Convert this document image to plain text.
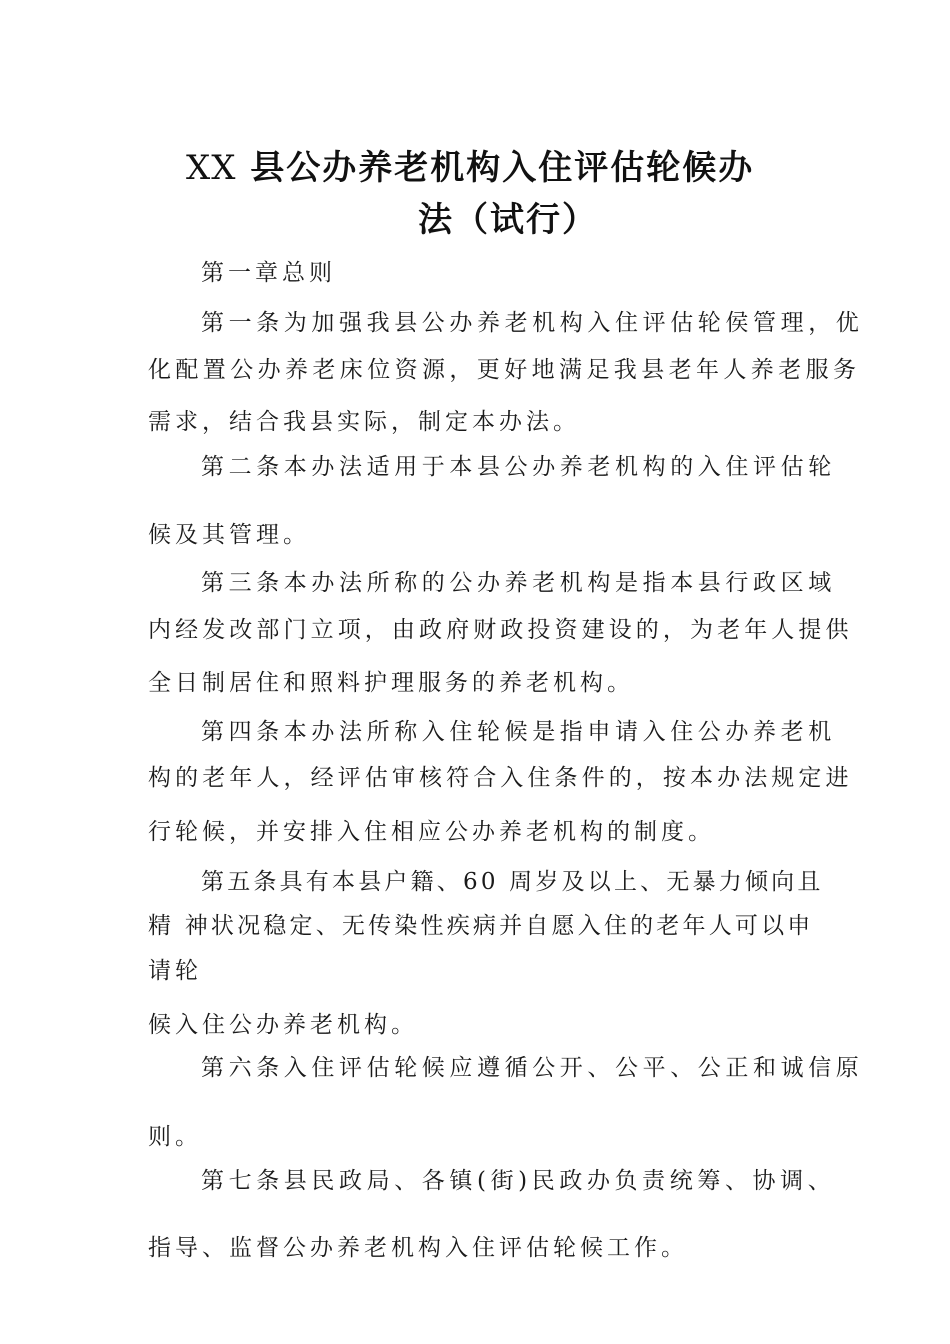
XX 县公办养老机构入住评估轮候办
法（试行）
第一章总则
第一条为加强我县公办养老机构入住评估轮侯管理，优
化配置公办养老床位资源，更好地满足我县老年人养老服务
需求，结合我县实际，制定本办法。
第二条本办法适用于本县公办养老机构的入住评估轮
候及其管理。
第三条本办法所称的公办养老机构是指本县行政区域
内经发改部门立项，由政府财政投资建设的，为老年人提供
全日制居住和照料护理服务的养老机构。
第四条本办法所称入住轮候是指申请入住公办养老机
构的老年人，经评估审核符合入住条件的，按本办法规定进
行轮候，并安排入住相应公办养老机构的制度。
第五条具有本县户籍、60 周岁及以上、无暴力倾向且
精 神状况稳定、无传染性疾病并自愿入住的老年人可以申
请轮
候入住公办养老机构。
第六条入住评估轮候应遵循公开、公平、公正和诚信原
则。
第七条县民政局、各镇(街)民政办负责统筹、协调、
指导、监督公办养老机构入住评估轮候工作。
